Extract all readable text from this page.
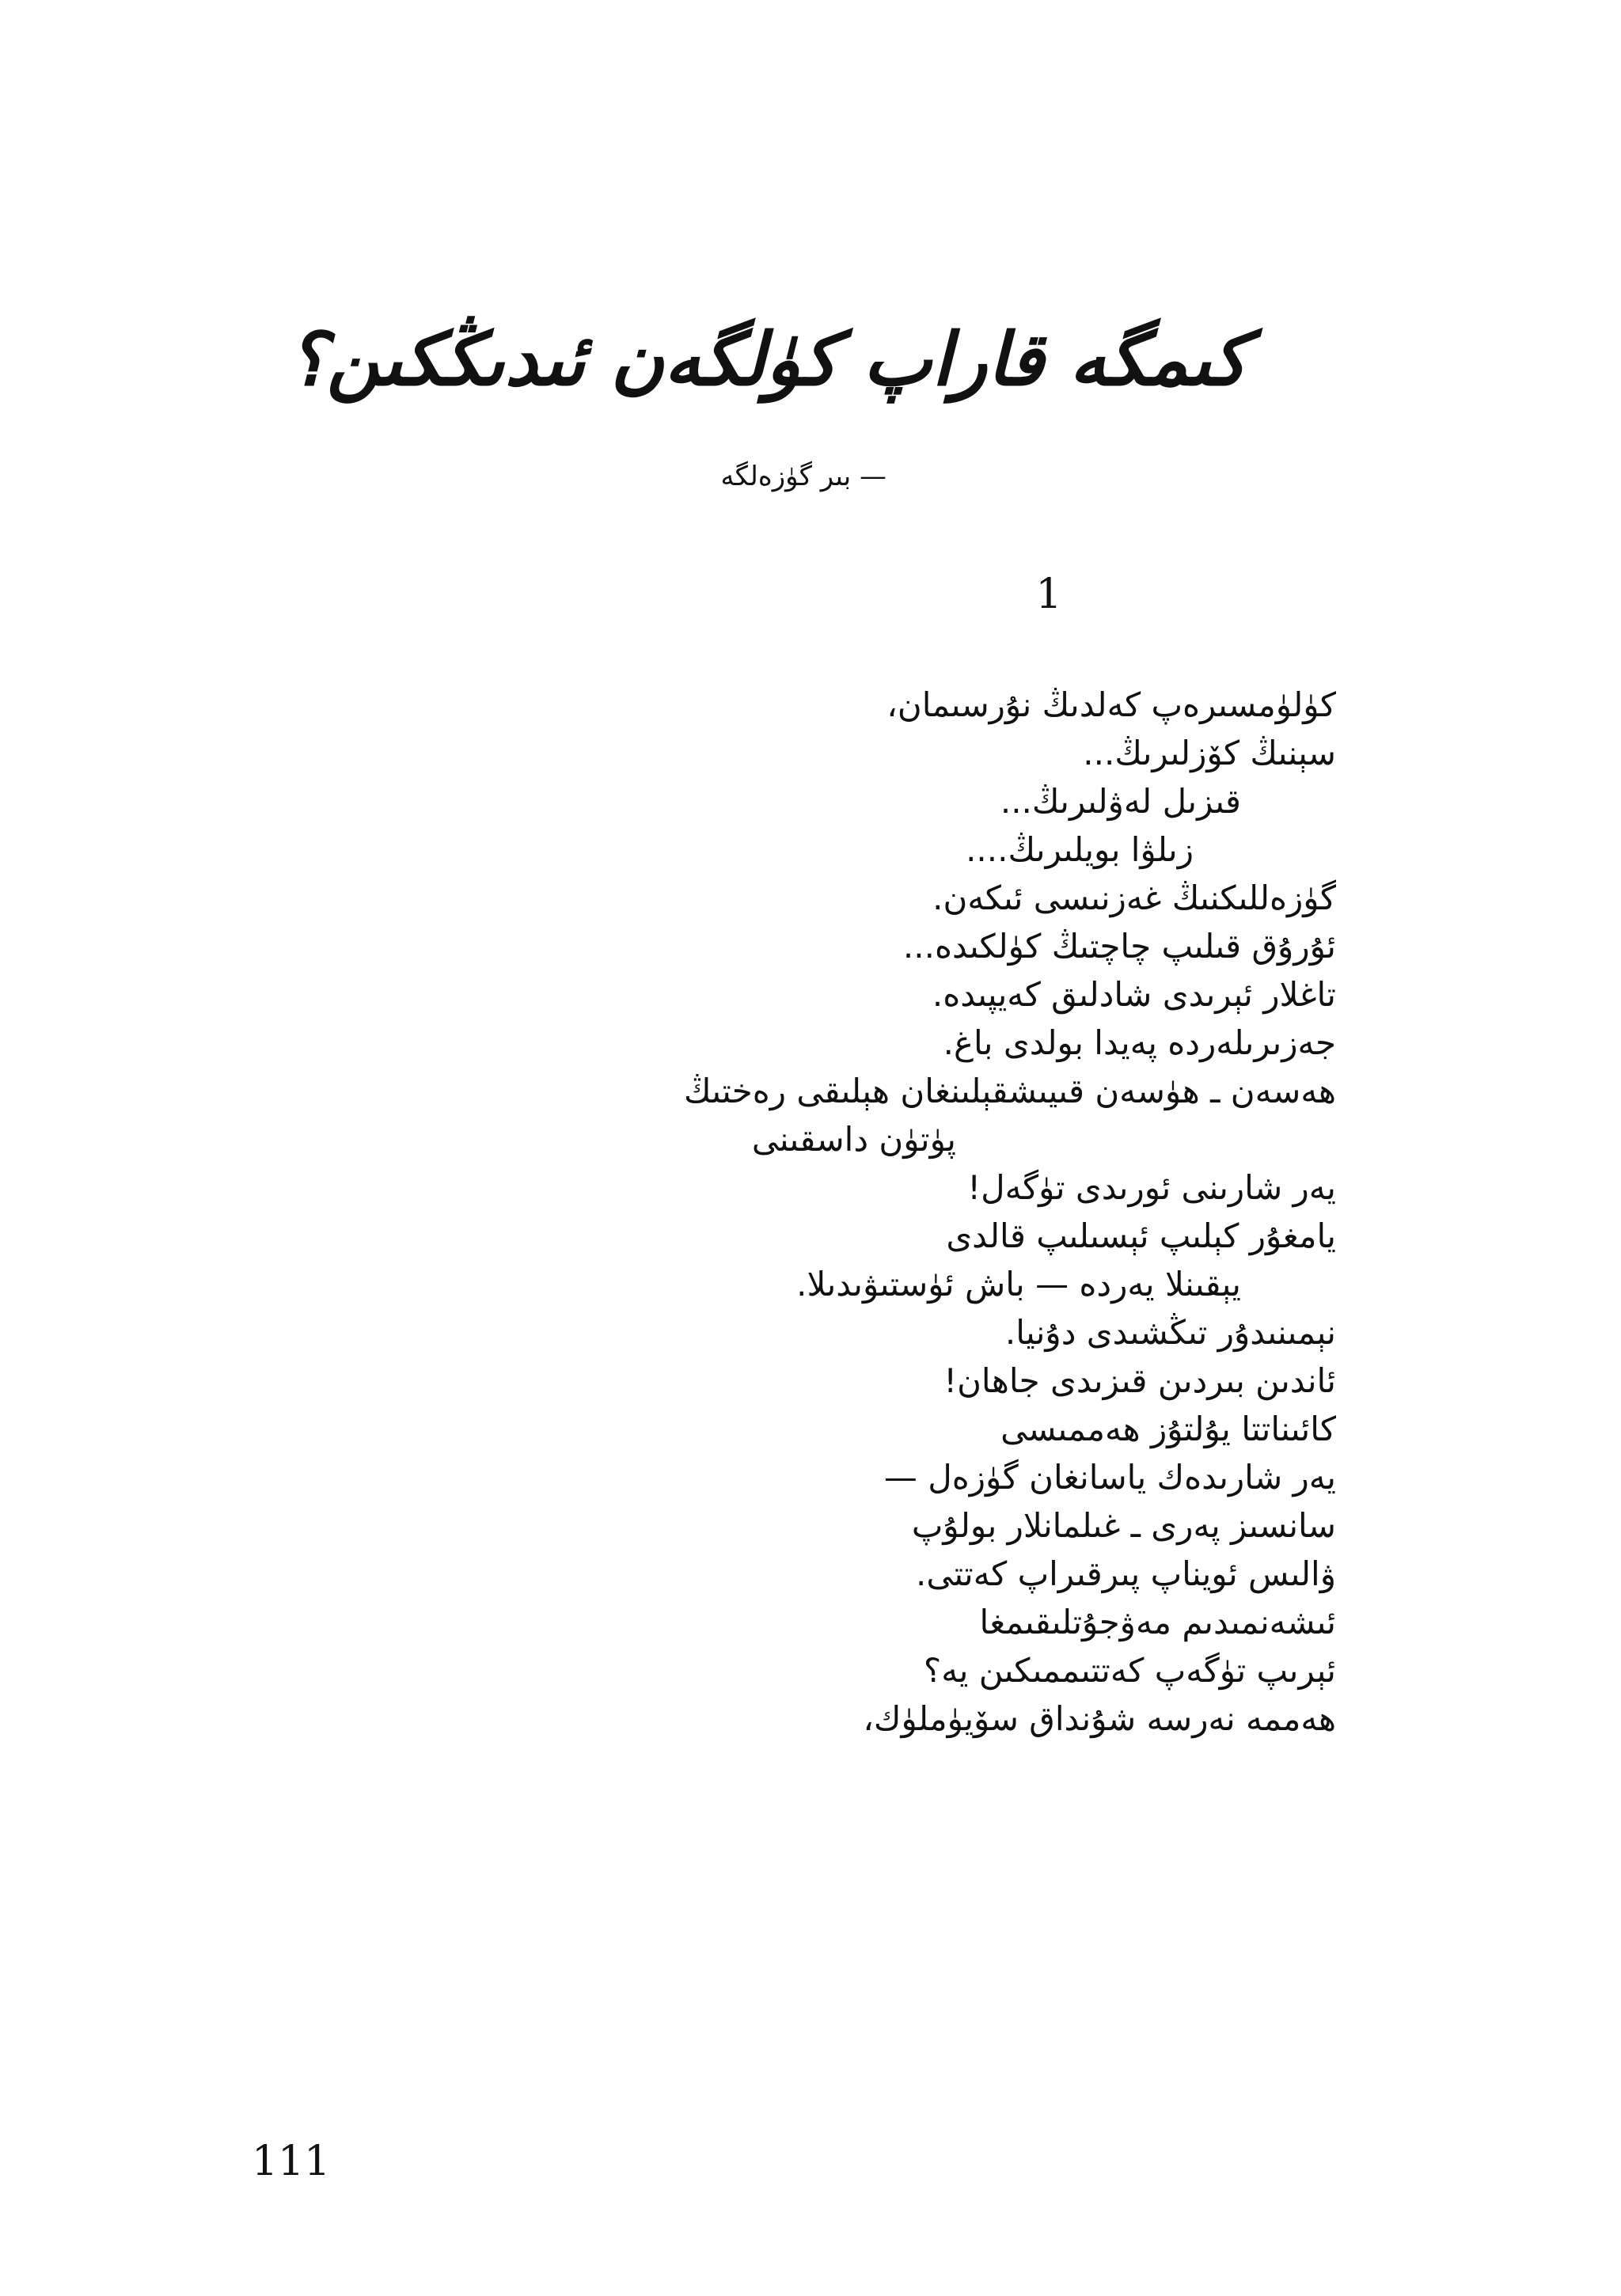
كىمگە قاراپ كۈلگەن ئىدىڭكىن؟
— بىر گۈزەلگە
1
كۈلۈمسىرەپ كەلدىڭ نۇرسىمان،
سېنىڭ كۆزلىرىڭ...
قىزىل لەۋلىرىڭ...
زىلۋا بويلىرىڭ....
گۈزەللىكنىڭ غەزنىسى ئىكەن.
ئۇرۇق قىلىپ چاچتىڭ كۈلكىدە...
تاغلار ئېرىدى شادلىق كەيپىدە.
جەزىرىلەردە پەيدا بولدى باغ.
ھەسەن ـ ھۈسەن قىيىشقېلىنغان ھېلىقى رەختىڭ
پۈتۈن داسقىنى
يەر شارىنى ئورىدى تۈگەل!
يامغۇر كېلىپ ئېسىلىپ قالدى
يېقىنلا يەردە — باش ئۈستىۋىدىلا.
نېمىنىدۇر تىڭشىدى دۇنيا.
ئاندىن بىردىن قىزىدى جاھان!
كائىناتتا يۇلتۇز ھەممىسى
يەر شارىدەك ياسانغان گۈزەل —
سانسىز پەرى ـ غىلمانلار بولۇپ
ۋالىس ئويناپ پىرقىراپ كەتتى.
ئىشەنمىدىم مەۋجۇتلىقىمغا
ئېرىپ تۈگەپ كەتتىممىكىن يە؟
ھەممە نەرسە شۇنداق سۆيۈملۈك،
111
